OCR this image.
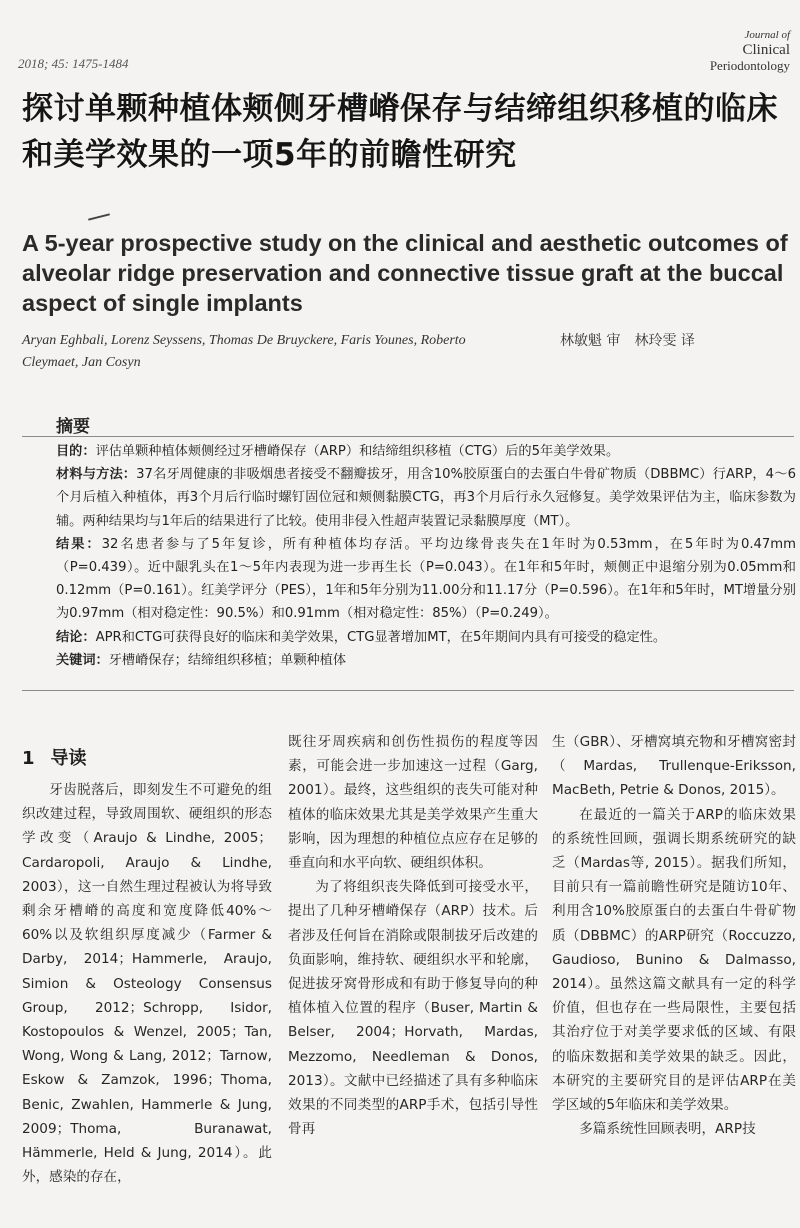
2018; 45: 1475-1484
Journal of
Clinical
Periodontology
探讨单颗种植体颊侧牙槽嵴保存与结缔组织移植的临床和美学效果的一项5年的前瞻性研究
A 5-year prospective study on the clinical and aesthetic outcomes of alveolar ridge preservation and connective tissue graft at the buccal aspect of single implants
Aryan Eghbali, Lorenz Seyssens, Thomas De Bruyckere, Faris Younes, Roberto Cleymaet, Jan Cosyn
林敏魁 审　林玲雯 译
摘要

目的：评估单颗种植体颊侧经过牙槽嵴保存（ARP）和结缔组织移植（CTG）后的5年美学效果。

材料与方法：37名牙周健康的非吸烟患者接受不翻瓣拔牙，用含10%胶原蛋白的去蛋白牛骨矿物质（DBBMC）行ARP，4～6个月后植入种植体，再3个月后行临时螺钉固位冠和颊侧黏膜CTG，再3个月后行永久冠修复。美学效果评估为主，临床参数为辅。两种结果均与1年后的结果进行了比较。使用非侵入性超声装置记录黏膜厚度（MT）。

结果：32名患者参与了5年复诊，所有种植体均存活。平均边缘骨丧失在1年时为0.53mm，在5年时为0.47mm（P=0.439）。近中龈乳头在1～5年内表现为进一步再生长（P=0.043）。在1年和5年时，颊侧正中退缩分别为0.05mm和0.12mm（P=0.161）。红美学评分（PES），1年和5年分别为11.00分和11.17分（P=0.596）。在1年和5年时，MT增量分别为0.97mm（相对稳定性：90.5%）和0.91mm（相对稳定性：85%）（P=0.249）。

结论：APR和CTG可获得良好的临床和美学效果，CTG显著增加MT，在5年期间内具有可接受的稳定性。

关键词：牙槽嵴保存；结缔组织移植；单颗种植体

1 导读

牙齿脱落后，即刻发生不可避免的组织改建过程，导致周围软、硬组织的形态学改变（Araujo & Lindhe, 2005；Cardaropoli, Araujo & Lindhe, 2003），这一自然生理过程被认为将导致剩余牙槽嵴的高度和宽度降低40%～60%以及软组织厚度减少（Farmer & Darby, 2014；Hammerle, Araujo, Simion & Osteology Consensus Group, 2012；Schropp, Isidor, Kostopoulos & Wenzel, 2005；Tan, Wong, Wong & Lang, 2012；Tarnow, Eskow & Zamzok, 1996；Thoma, Benic, Zwahlen, Hammerle & Jung, 2009；Thoma, Buranawat, Hämmerle, Held & Jung, 2014）。此外，感染的存在，

既往牙周疾病和创伤性损伤的程度等因素，可能会进一步加速这一过程（Garg, 2001）。最终，这些组织的丧失可能对种植体的临床效果尤其是美学效果产生重大影响，因为理想的种植位点应存在足够的垂直向和水平向软、硬组织体积。

为了将组织丧失降低到可接受水平，提出了几种牙槽嵴保存（ARP）技术。后者涉及任何旨在消除或限制拔牙后改建的负面影响，维持软、硬组织水平和轮廓，促进拔牙窝骨形成和有助于修复导向的种植体植入位置的程序（Buser, Martin & Belser, 2004；Horvath, Mardas, Mezzomo, Needleman & Donos, 2013）。文献中已经描述了具有多种临床效果的不同类型的ARP手术，包括引导性骨再

生（GBR）、牙槽窝填充物和牙槽窝密封（Mardas, Trullenque-Eriksson, MacBeth, Petrie & Donos, 2015）。

在最近的一篇关于ARP的临床效果的系统性回顾，强调长期系统研究的缺乏（Mardas等, 2015）。据我们所知，目前只有一篇前瞻性研究是随访10年、利用含10%胶原蛋白的去蛋白牛骨矿物质（DBBMC）的ARP研究（Roccuzzo, Gaudioso, Bunino & Dalmasso, 2014）。虽然这篇文献具有一定的科学价值，但也存在一些局限性，主要包括其治疗位于对美学要求低的区域、有限的临床数据和美学效果的缺乏。因此，本研究的主要研究目的是评估ARP在美学区域的5年临床和美学效果。

多篇系统性回顾表明，ARP技
